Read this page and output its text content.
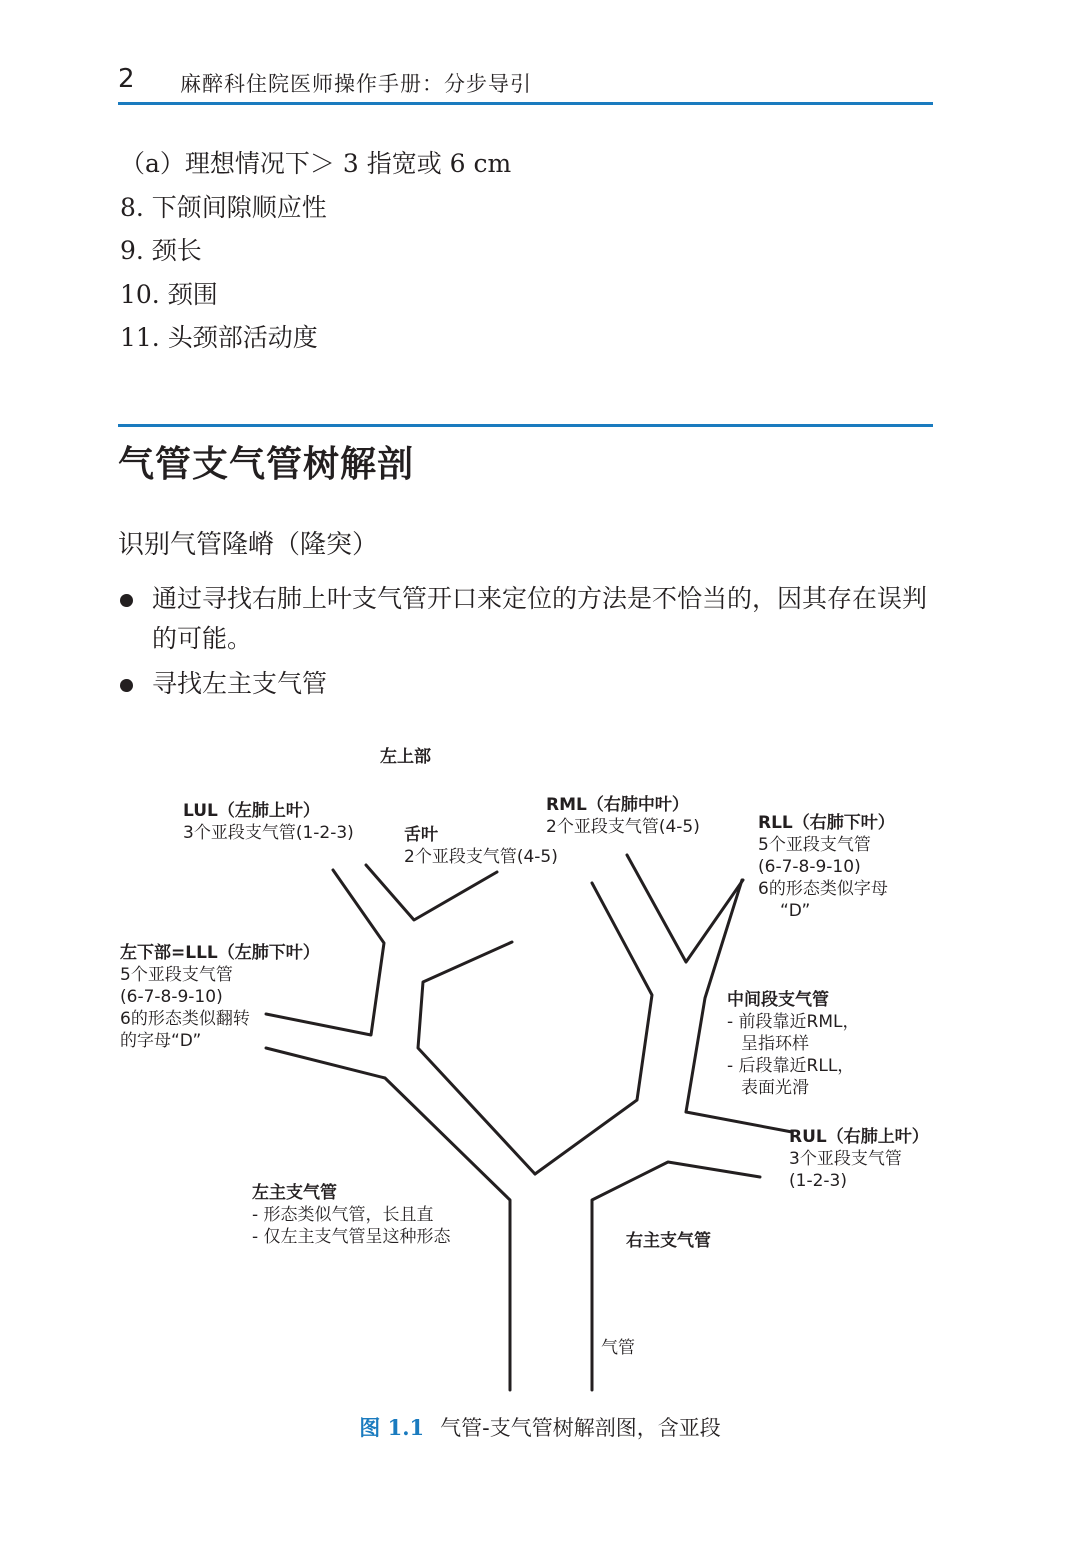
2 麻醉科住院医师操作手册：分步导引
（a）理想情况下＞ 3 指宽或 6 cm
8. 下颌间隙顺应性
9. 颈长
10. 颈围
11. 头颈部活动度
气管支气管树解剖
识别气管隆嵴（隆突）
通过寻找右肺上叶支气管开口来定位的方法是不恰当的，因其存在误判的可能。
寻找左主支气管
左上部
LUL（左肺上叶）
3个亚段支气管(1-2-3)	舌叶
2个亚段支气管(4-5)
RML（右肺中叶）
2个亚段支气管(4-5)	RLL（右肺下叶）
5个亚段支气管
(6-7-8-9-10)
6的形态类似字母
“D”
左下部=LLL（左肺下叶）
5个亚段支气管
(6-7-8-9-10)
6的形态类似翻转
的字母“D”
中间段支气管
- 前段靠近RML，
呈指环样
- 后段靠近RLL，
表面光滑
RUL（右肺上叶）
3个亚段支气管
(1-2-3)
左主支气管
- 形态类似气管，长且直
- 仅左主支气管呈这种形态	右主支气管
气管
图 1.1 气管-支气管树解剖图，含亚段
